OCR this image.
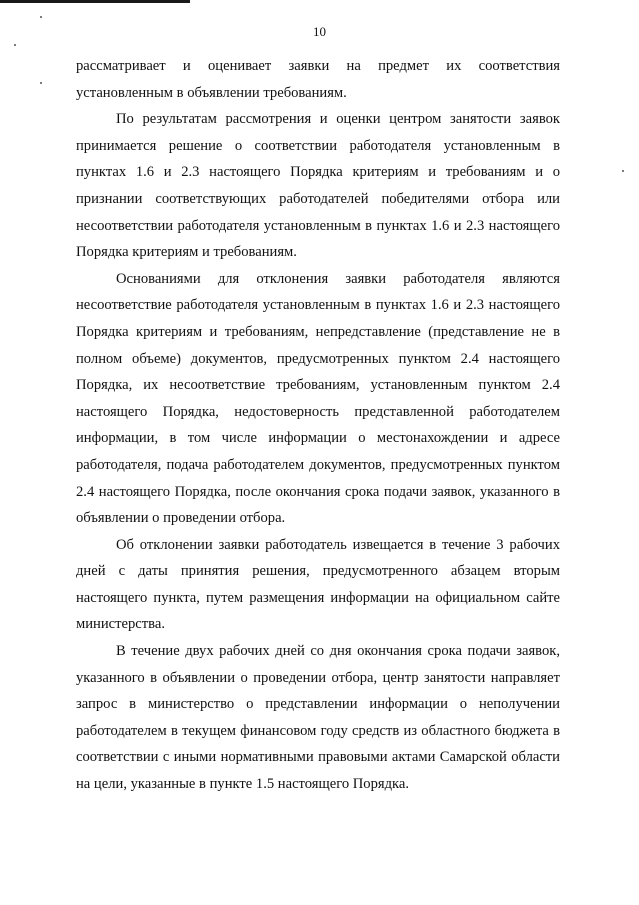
10

рассматривает и оценивает заявки на предмет их соответствия установленным в объявлении требованиям.

По результатам рассмотрения и оценки центром занятости заявок принимается решение о соответствии работодателя установленным в пунктах 1.6 и 2.3 настоящего Порядка критериям и требованиям и о признании соответствующих работодателей победителями отбора или несоответствии работодателя установленным в пунктах 1.6 и 2.3 настоящего Порядка критериям и требованиям.

Основаниями для отклонения заявки работодателя являются несоответствие работодателя установленным в пунктах 1.6 и 2.3 настоящего Порядка критериям и требованиям, непредставление (представление не в полном объеме) документов, предусмотренных пунктом 2.4 настоящего Порядка, их несоответствие требованиям, установленным пунктом 2.4 настоящего Порядка, недостоверность представленной работодателем информации, в том числе информации о местонахождении и адресе работодателя, подача работодателем документов, предусмотренных пунктом 2.4 настоящего Порядка, после окончания срока подачи заявок, указанного в объявлении о проведении отбора.

Об отклонении заявки работодатель извещается в течение 3 рабочих дней с даты принятия решения, предусмотренного абзацем вторым настоящего пункта, путем размещения информации на официальном сайте министерства.

В течение двух рабочих дней со дня окончания срока подачи заявок, указанного в объявлении о проведении отбора, центр занятости направляет запрос в министерство о представлении информации о неполучении работодателем в текущем финансовом году средств из областного бюджета в соответствии с иными нормативными правовыми актами Самарской области на цели, указанные в пункте 1.5 настоящего Порядка.
